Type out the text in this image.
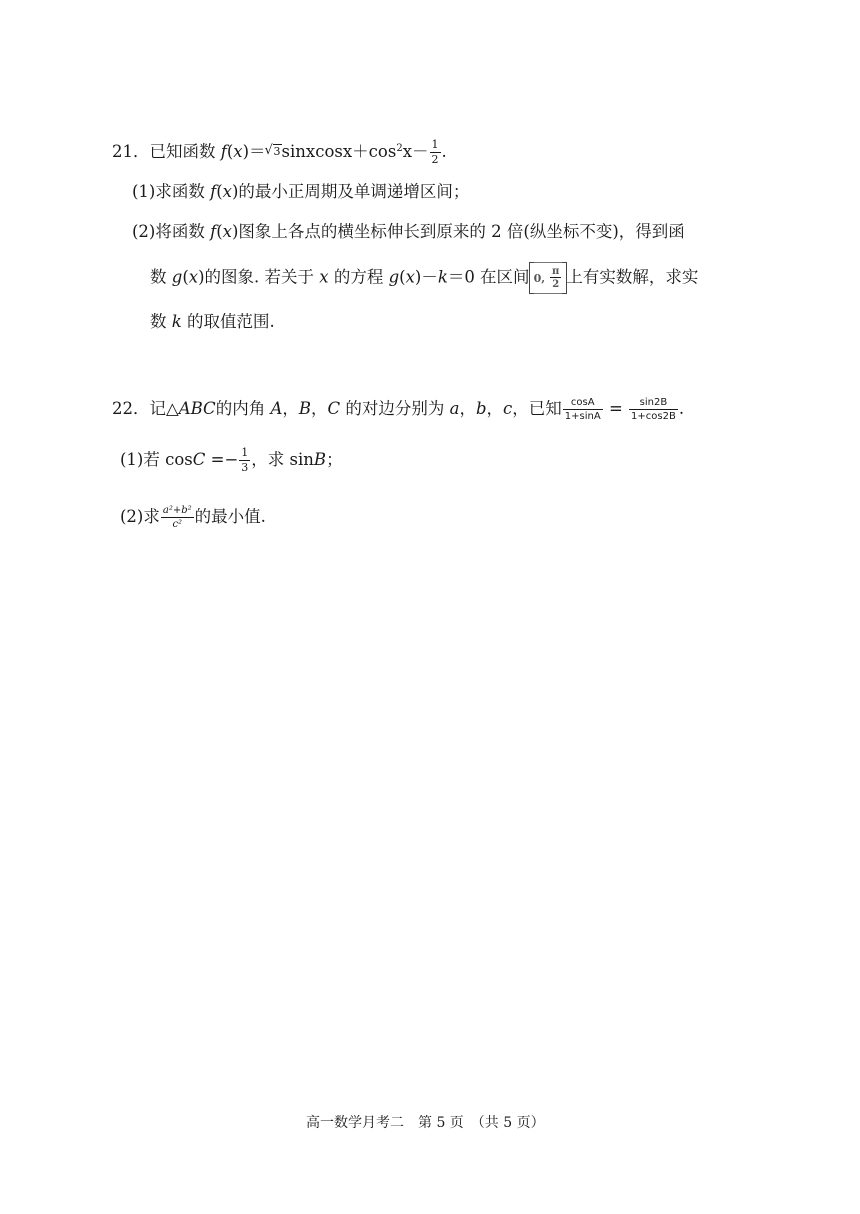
21．已知函数 f(x)＝√ $3sinxcosx+\cos^2x- \frac{1}{2}$ .
(1)求函数 f(x)的最小正周期及单调递增区间；
(2)将函数 f(x)图象上各点的横坐标伸长到原来的 2 倍(纵坐标不变)，得到函
数 g(x)的图象. 若关于 x 的方程 g(x)－k＝0 在区间 0, $\frac{\pi}{2}$ 上有实数解，求实
数 k 的取值范围.
22．记△ABC的内角 A，B，C 的对边分别为 a，b，c，已知 $\frac{\cos A}{1+\sin A} = \frac{\sin 2B}{1+\cos 2B}$ .
(1)若 $\cos C =- \frac{1}{3}$ ，求 sinB；
(2)求 $\frac{\text{a²+b²}}{\text{c²}}$ 的最小值.
高一数学月考二　第 5 页　（共 5 页）
